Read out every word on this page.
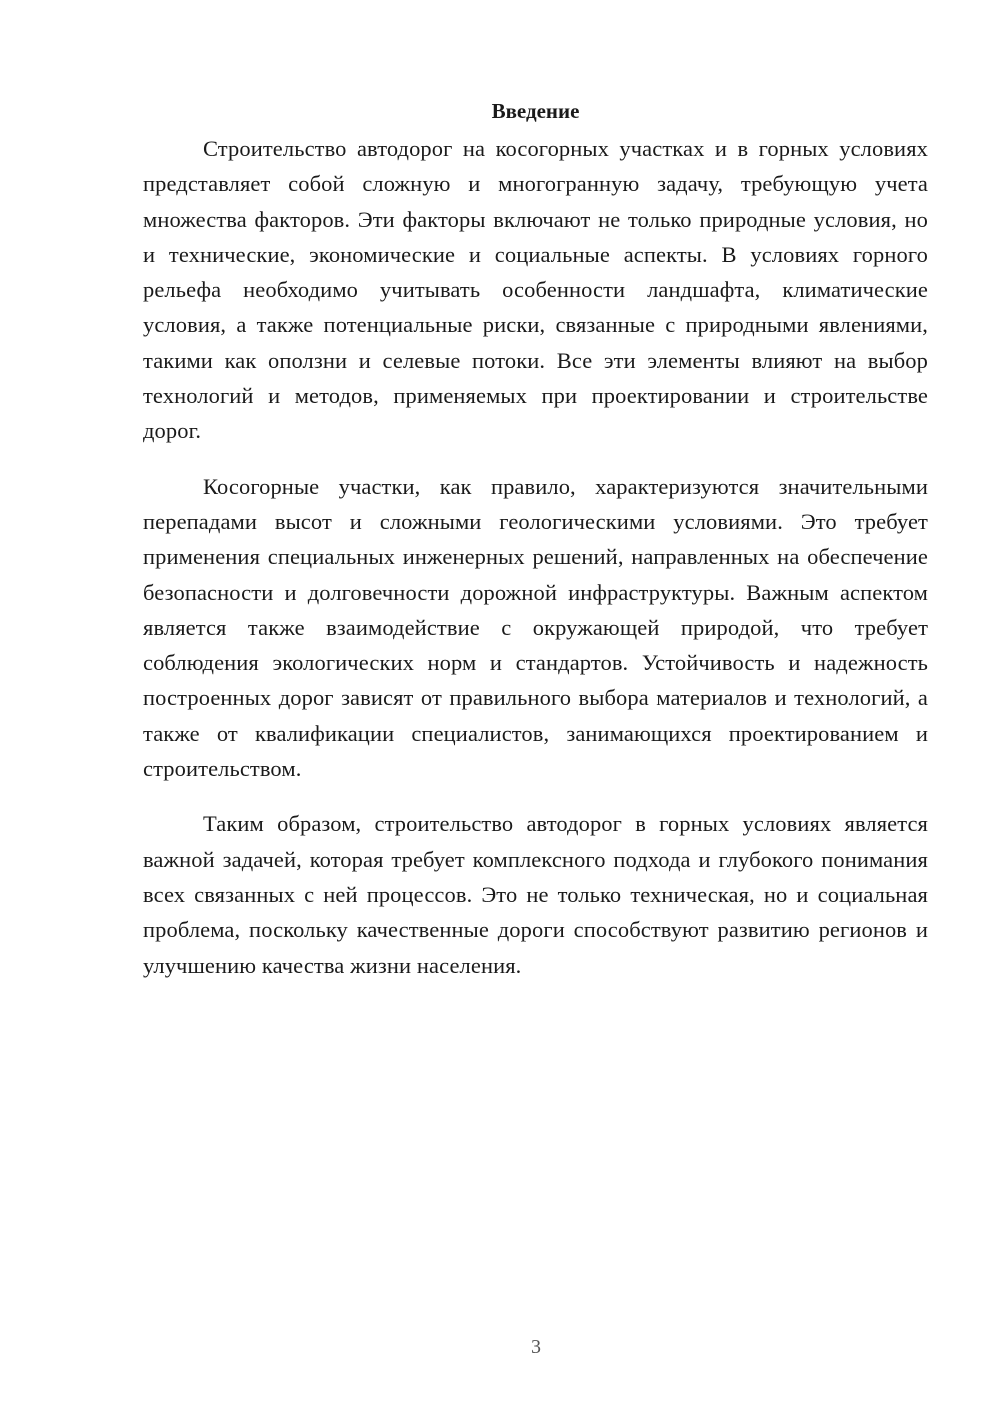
Введение

Строительство автодорог на косогорных участках и в горных условиях представляет собой сложную и многогранную задачу, требующую учета множества факторов. Эти факторы включают не только природные условия, но и технические, экономические и социальные аспекты. В условиях горного рельефа необходимо учитывать особенности ландшафта, климатические условия, а также потенциальные риски, связанные с природными явлениями, такими как оползни и селевые потоки. Все эти элементы влияют на выбор технологий и методов, применяемых при проектировании и строительстве дорог.

Косогорные участки, как правило, характеризуются значительными перепадами высот и сложными геологическими условиями. Это требует применения специальных инженерных решений, направленных на обеспечение безопасности и долговечности дорожной инфраструктуры. Важным аспектом является также взаимодействие с окружающей природой, что требует соблюдения экологических норм и стандартов. Устойчивость и надежность построенных дорог зависят от правильного выбора материалов и технологий, а также от квалификации специалистов, занимающихся проектированием и строительством.

Таким образом, строительство автодорог в горных условиях является важной задачей, которая требует комплексного подхода и глубокого понимания всех связанных с ней процессов. Это не только техническая, но и социальная проблема, поскольку качественные дороги способствуют развитию регионов и улучшению качества жизни населения.

3
